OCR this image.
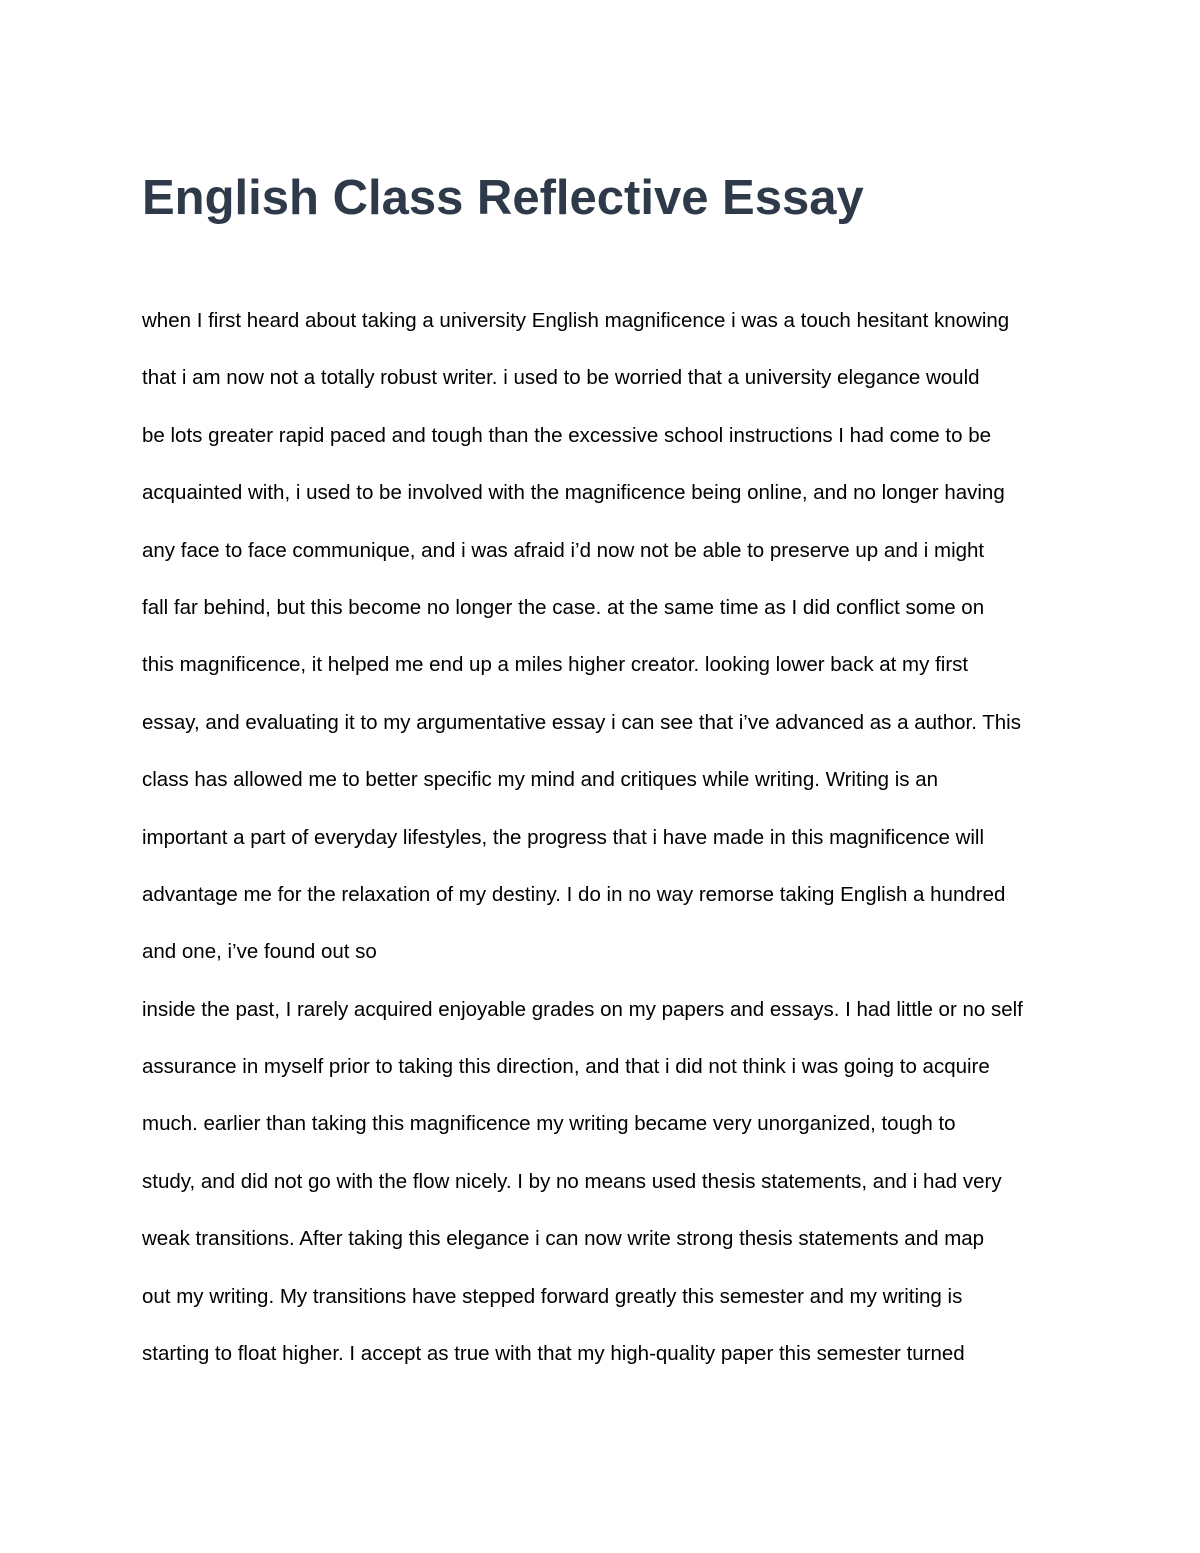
English Class Reflective Essay
when I first heard about taking a university English magnificence i was a touch hesitant knowing
that i am now not a totally robust writer. i used to be worried that a university elegance would
be lots greater rapid paced and tough than the excessive school instructions I had come to be
acquainted with, i used to be involved with the magnificence being online, and no longer having
any face to face communique, and i was afraid i’d now not be able to preserve up and i might
fall far behind, but this become no longer the case. at the same time as I did conflict some on
this magnificence, it helped me end up a miles higher creator. looking lower back at my first
essay, and evaluating it to my argumentative essay i can see that i’ve advanced as a author. This
class has allowed me to better specific my mind and critiques while writing. Writing is an
important a part of everyday lifestyles, the progress that i have made in this magnificence will
advantage me for the relaxation of my destiny. I do in no way remorse taking English a hundred
and one, i’ve found out so
inside the past, I rarely acquired enjoyable grades on my papers and essays. I had little or no self
assurance in myself prior to taking this direction, and that i did not think i was going to acquire
much. earlier than taking this magnificence my writing became very unorganized, tough to
study, and did not go with the flow nicely. I by no means used thesis statements, and i had very
weak transitions. After taking this elegance i can now write strong thesis statements and map
out my writing. My transitions have stepped forward greatly this semester and my writing is
starting to float higher. I accept as true with that my high-quality paper this semester turned
